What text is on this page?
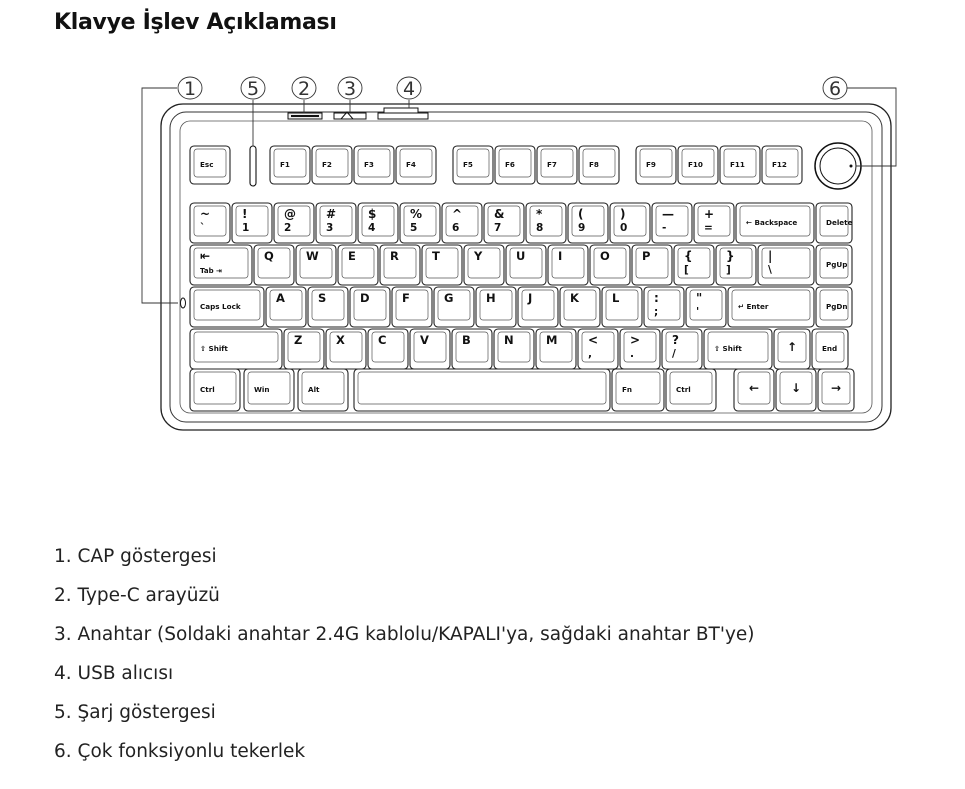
1	5 2 3 4	6
Esc	F1	F2	F3	F4	F5	F6	F7	F8	F9	F10	F11	F12
~
`
!
1
@
2
#
3
$
4
%
5
^
6
&
7
*
8
(
9
)
0
—
-
+
=	← Backspace	Delete
⇤
Tab ⇥
Q	W	E	R	T	Y	U	I	O	P	{
[
}
]
|
\	PgUp
Caps Lock
A	S	D	F	G	H	J	K	L	:
;
"
'	↵ Enter	PgDn
⇧ Shift
Z	X	C	V	B	N	M	<
,
>
.
?
/	⇧ Shift	↑	End
Ctrl	Win	Alt	Fn	Ctrl	←	↓ →
Klavye İşlev Açıklaması
1. CAP göstergesi
2. Type-C arayüzü
3. Anahtar (Soldaki anahtar 2.4G kablolu/KAPALI'ya, sağdaki anahtar BT'ye)
4. USB alıcısı
5. Şarj göstergesi
6. Çok fonksiyonlu tekerlek
